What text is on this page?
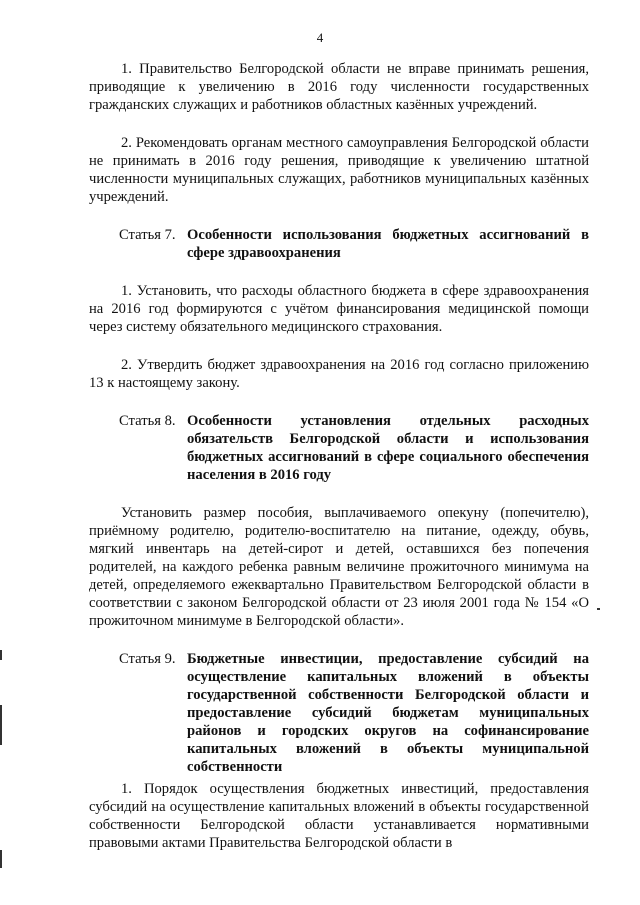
4

1. Правительство Белгородской области не вправе принимать решения, приводящие к увеличению в 2016 году численности государственных гражданских служащих и работников областных казённых учреждений.

2. Рекомендовать органам местного самоуправления Белгородской области не принимать в 2016 году решения, приводящие к увеличению штатной численности муниципальных служащих, работников муниципальных казённых учреждений.

Статья 7. Особенности использования бюджетных ассигнований в сфере здравоохранения

1. Установить, что расходы областного бюджета в сфере здравоохранения на 2016 год формируются с учётом финансирования медицинской помощи через систему обязательного медицинского страхования.

2. Утвердить бюджет здравоохранения на 2016 год согласно приложению 13 к настоящему закону.

Статья 8. Особенности установления отдельных расходных обязательств Белгородской области и использования бюджетных ассигнований в сфере социального обеспечения населения в 2016 году

Установить размер пособия, выплачиваемого опекуну (попечителю), приёмному родителю, родителю-воспитателю на питание, одежду, обувь, мягкий инвентарь на детей-сирот и детей, оставшихся без попечения родителей, на каждого ребенка равным величине прожиточного минимума на детей, определяемого ежеквартально Правительством Белгородской области в соответствии с законом Белгородской области от 23 июля 2001 года № 154 «О прожиточном минимуме в Белгородской области».

Статья 9. Бюджетные инвестиции, предоставление субсидий на осуществление капитальных вложений в объекты государственной собственности Белгородской области и предоставление субсидий бюджетам муниципальных районов и городских округов на софинансирование капитальных вложений в объекты муниципальной собственности

1. Порядок осуществления бюджетных инвестиций, предоставления субсидий на осуществление капитальных вложений в объекты государственной собственности Белгородской области устанавливается нормативными правовыми актами Правительства Белгородской области в
